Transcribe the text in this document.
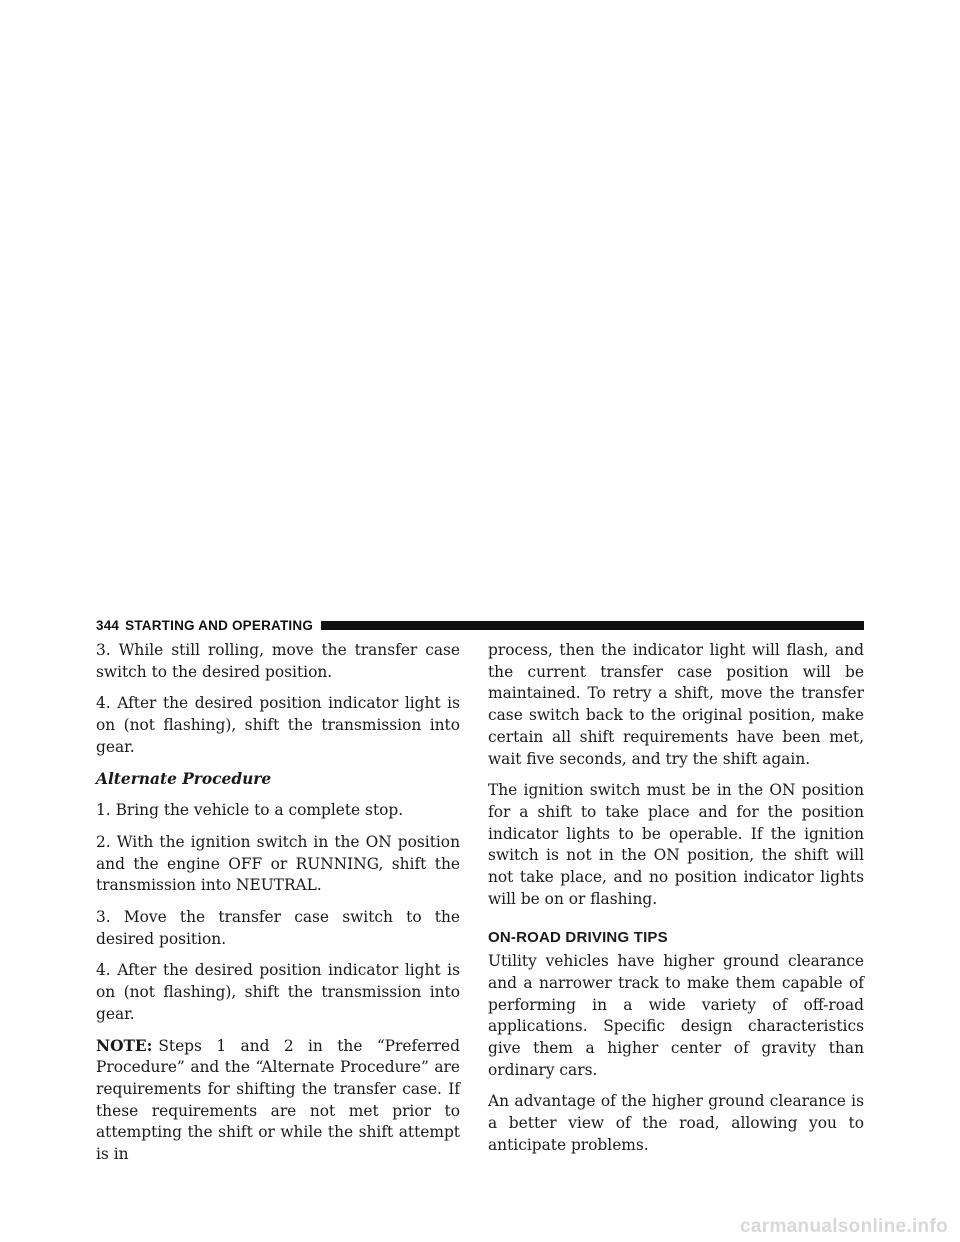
344 STARTING AND OPERATING

3. While still rolling, move the transfer case switch to the desired position.

4. After the desired position indicator light is on (not flashing), shift the transmission into gear.

Alternate Procedure

1. Bring the vehicle to a complete stop.

2. With the ignition switch in the ON position and the engine OFF or RUNNING, shift the transmission into NEUTRAL.

3. Move the transfer case switch to the desired position.

4. After the desired position indicator light is on (not flashing), shift the transmission into gear.

NOTE: Steps 1 and 2 in the “Preferred Procedure” and the “Alternate Procedure” are requirements for shifting the transfer case. If these requirements are not met prior to attempting the shift or while the shift attempt is in

process, then the indicator light will flash, and the current transfer case position will be maintained. To retry a shift, move the transfer case switch back to the original position, make certain all shift requirements have been met, wait five seconds, and try the shift again.

The ignition switch must be in the ON position for a shift to take place and for the position indicator lights to be operable. If the ignition switch is not in the ON position, the shift will not take place, and no position indicator lights will be on or flashing.

ON-ROAD DRIVING TIPS

Utility vehicles have higher ground clearance and a narrower track to make them capable of performing in a wide variety of off-road applications. Specific design characteristics give them a higher center of gravity than ordinary cars.

An advantage of the higher ground clearance is a better view of the road, allowing you to anticipate problems.

carmanualsonline.info
